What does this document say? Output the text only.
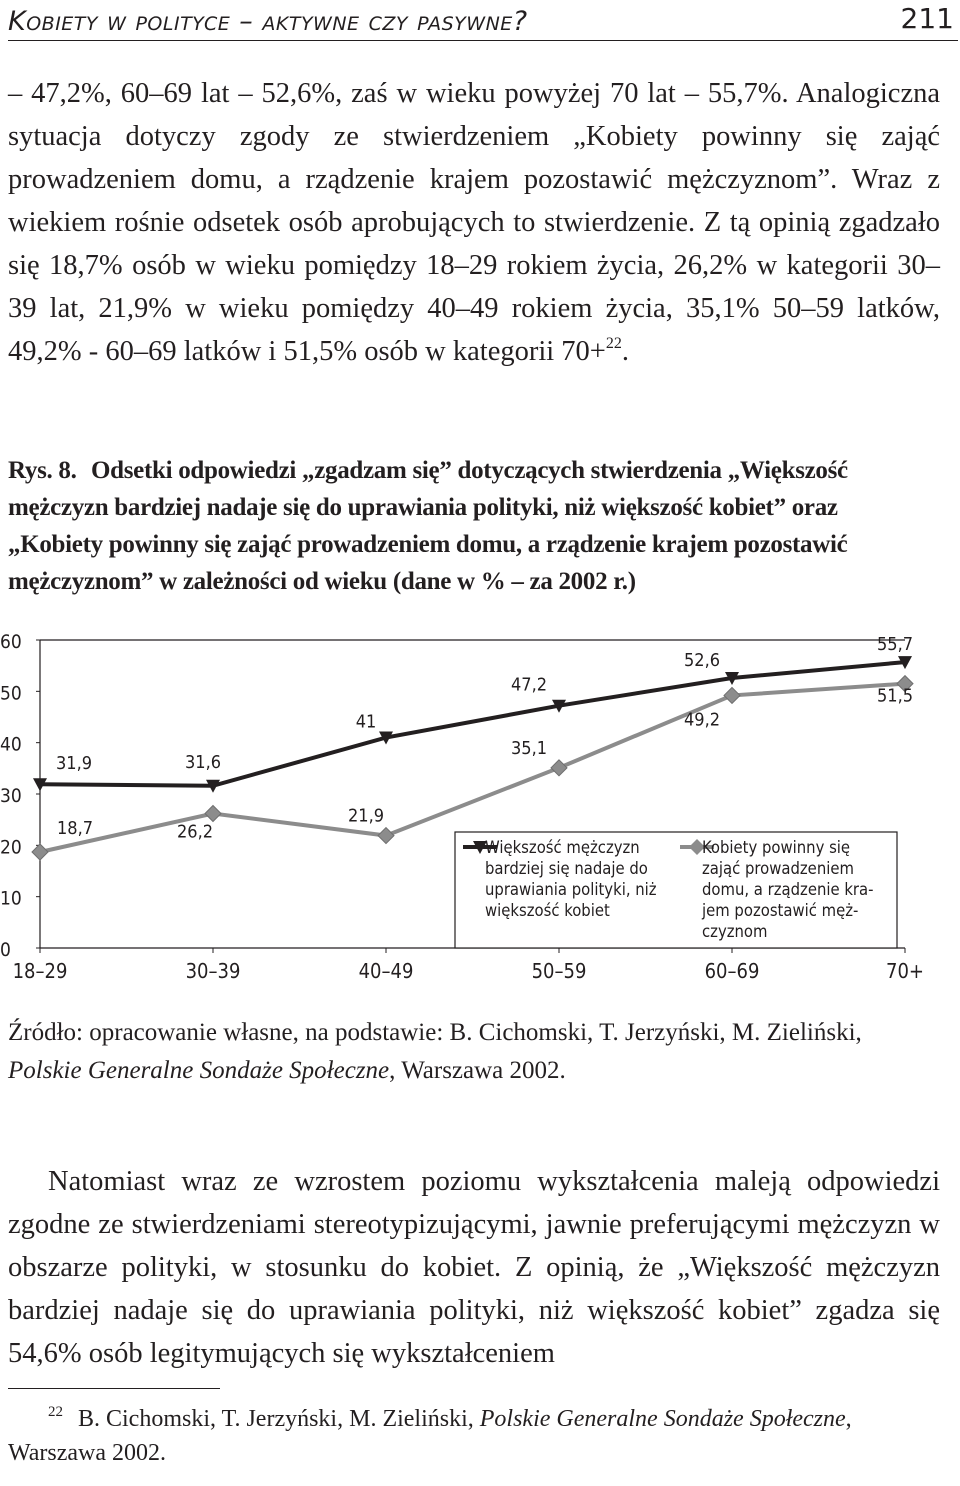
Kobiety w polityce – aktywne czy pasywne?	211
– 47,2%, 60–69 lat – 52,6%, zaś w wieku powyżej 70 lat – 55,7%. Analogiczna sytuacja dotyczy zgody ze stwierdzeniem „Kobiety powinny się zająć prowadzeniem domu, a rządzenie krajem pozostawić mężczyznom”. Wraz z wiekiem rośnie odsetek osób aprobujących to stwierdzenie. Z tą opinią zgadzało się 18,7% osób w wieku pomiędzy 18–29 rokiem życia, 26,2% w kategorii 30–39 lat, 21,9% w wieku pomiędzy 40–49 rokiem życia, 35,1% 50–59 latków, 49,2% - 60–69 latków i 51,5% osób w kategorii 70+$^{22}$.
Rys. 8. Odsetki odpowiedzi „zgadzam się” dotyczących stwierdzenia „Większość mężczyzn bardziej nadaje się do uprawiania polityki, niż większość kobiet” oraz „Kobiety powinny się zająć prowadzeniem domu, a rządzenie krajem pozostawić mężczyznom” w zależności od wieku (dane w % – za 2002 r.)
0
10
20
30
40
50
60
18–29	30–39	40–49	50–59	60–69	70+
31,9	31,6
41
47,2
52,6
55,7
18,7	26,2
21,9
35,1
49,2
51,5
Większość mężczyzn
bardziej się nadaje do
uprawiania polityki, niż
większość kobiet
Kobiety powinny się
zająć prowadzeniem
domu, a rządzenie kra-
jem pozostawić męż-
czyznom
Źródło: opracowanie własne, na podstawie: B. Cichomski, T. Jerzyński, M. Zieliński,
Polskie Generalne Sondaże Społeczne, Warszawa 2002.
Natomiast wraz ze wzrostem poziomu wykształcenia maleją odpowiedzi zgodne ze stwierdzeniami stereotypizującymi, jawnie preferującymi mężczyzn w obszarze polityki, w stosunku do kobiet. Z opinią, że „Większość mężczyzn bardziej nadaje się do uprawiania polityki, niż większość kobiet” zgadza się 54,6% osób legitymujących się wykształceniem
22 B. Cichomski, T. Jerzyński, M. Zieliński, Polskie Generalne Sondaże Społeczne, Warszawa 2002.
